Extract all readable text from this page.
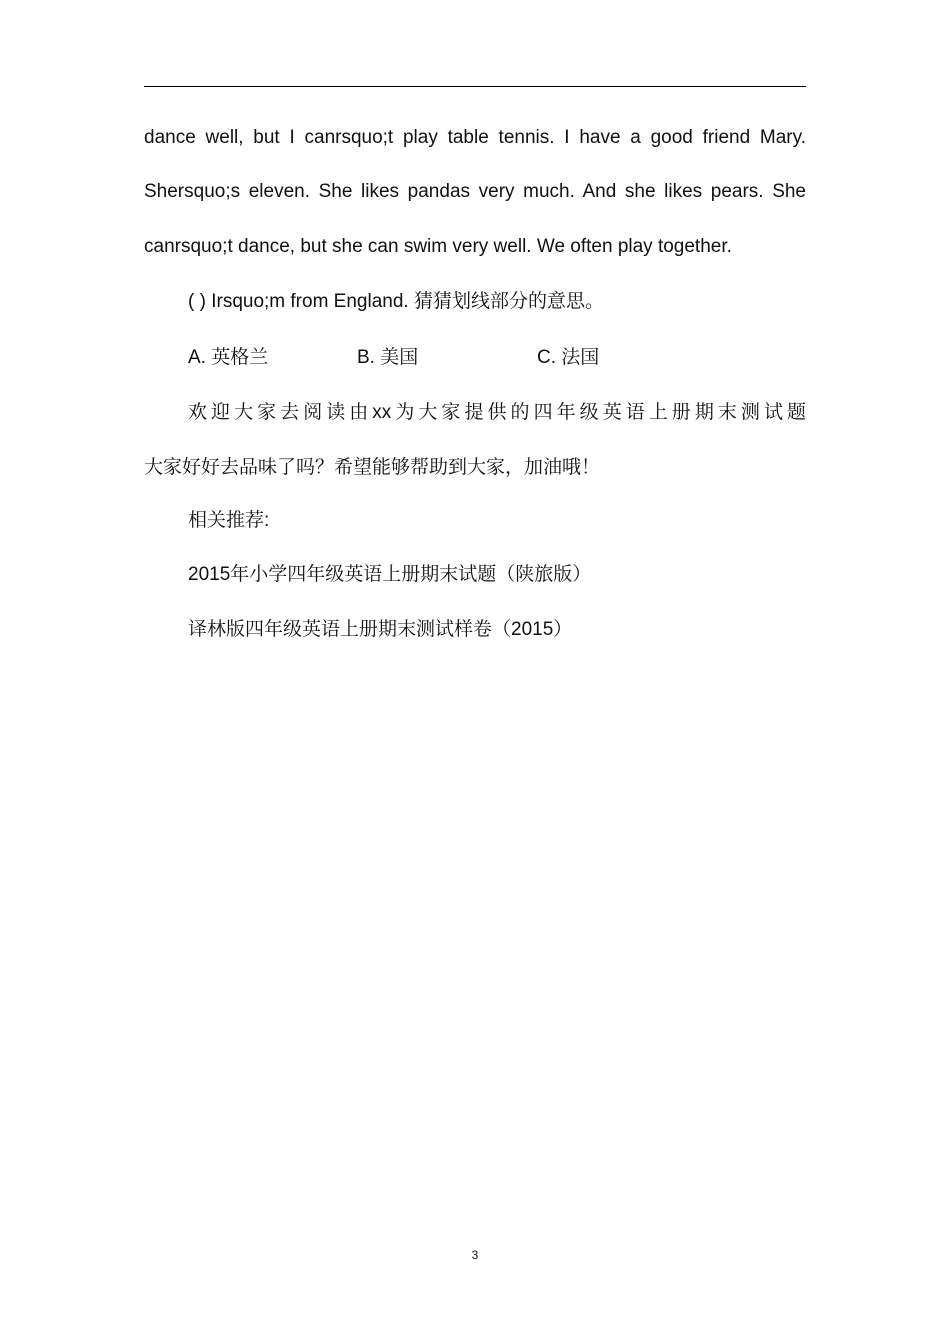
dance well, but I canrsquo;t play table tennis. I have a good friend Mary.
Shersquo;s eleven. She likes pandas very much. And she likes pears. She
canrsquo;t dance, but she can swim very well. We often play together.
( ) Irsquo;m from England. 猜猜划线部分的意思。
A. 英格兰	B. 美国	C. 法国
欢迎大家去阅读由xx为大家提供的四年级英语上册期末测试题
大家好好去品味了吗？希望能够帮助到大家，加油哦！
相关推荐:
2015年小学四年级英语上册期末试题（陕旅版）
译林版四年级英语上册期末测试样卷（2015）
3
